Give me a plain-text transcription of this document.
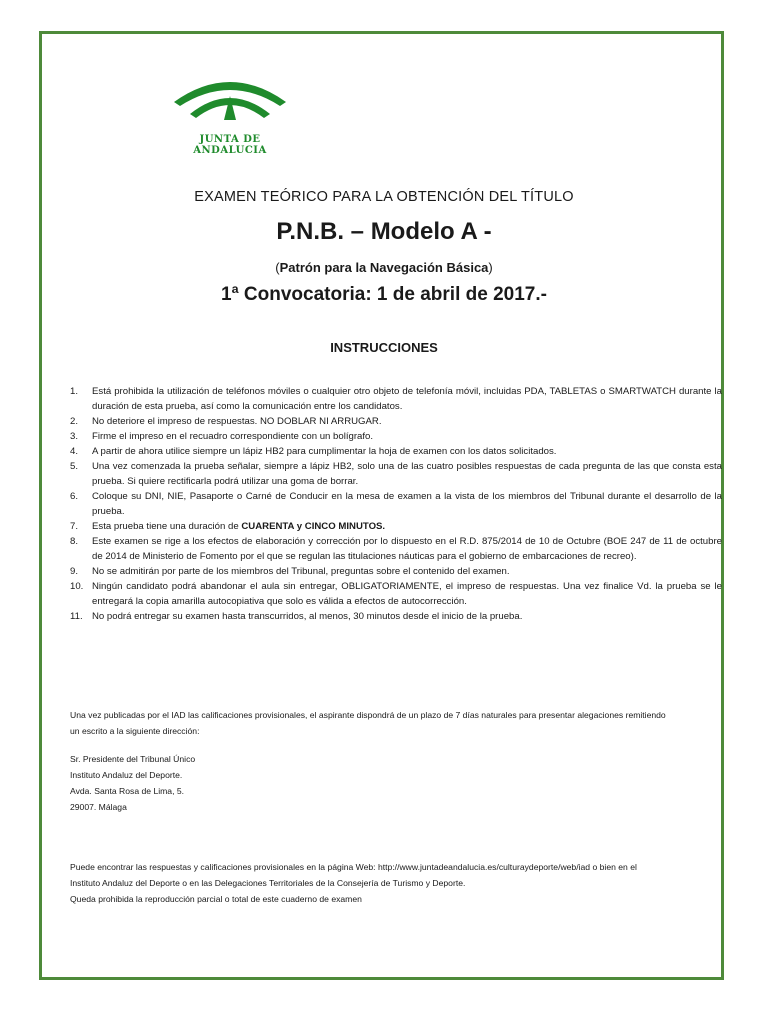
JUNTA DE ANDALUCIA
EXAMEN TEÓRICO PARA LA OBTENCIÓN DEL TÍTULO
P.N.B. – Modelo A -
(Patrón para la Navegación Básica)
1ª Convocatoria: 1 de abril de 2017.-
INSTRUCCIONES
1. Está prohibida la utilización de teléfonos móviles o cualquier otro objeto de telefonía móvil, incluidas PDA, TABLETAS o SMARTWATCH durante la duración de esta prueba, así como la comunicación entre los candidatos.
2. No deteriore el impreso de respuestas. NO DOBLAR NI ARRUGAR.
3. Firme el impreso en el recuadro correspondiente con un bolígrafo.
4. A partir de ahora utilice siempre un lápiz HB2 para cumplimentar la hoja de examen con los datos solicitados.
5. Una vez comenzada la prueba señalar, siempre a lápiz HB2, solo una de las cuatro posibles respuestas de cada pregunta de las que consta esta prueba. Si quiere rectificarla podrá utilizar una goma de borrar.
6. Coloque su DNI, NIE, Pasaporte o Carné de Conducir en la mesa de examen a la vista de los miembros del Tribunal durante el desarrollo de la prueba.
7. Esta prueba tiene una duración de CUARENTA y CINCO MINUTOS.
8. Este examen se rige a los efectos de elaboración y corrección por lo dispuesto en el R.D. 875/2014 de 10 de Octubre (BOE 247 de 11 de octubre de 2014 de Ministerio de Fomento por el que se regulan las titulaciones náuticas para el gobierno de embarcaciones de recreo).
9. No se admitirán por parte de los miembros del Tribunal, preguntas sobre el contenido del examen.
10. Ningún candidato podrá abandonar el aula sin entregar, OBLIGATORIAMENTE, el impreso de respuestas. Una vez finalice Vd. la prueba se le entregará la copia amarilla autocopiativa que solo es válida a efectos de autocorrección.
11. No podrá entregar su examen hasta transcurridos, al menos, 30 minutos desde el inicio de la prueba.
Una vez publicadas por el IAD las calificaciones provisionales, el aspirante dispondrá de un plazo de 7 días naturales para presentar alegaciones remitiendo
un escrito a la siguiente dirección:
Sr. Presidente del Tribunal Único
Instituto Andaluz del Deporte.
Avda. Santa Rosa de Lima, 5.
29007. Málaga
Puede encontrar las respuestas y calificaciones provisionales en la página Web: http://www.juntadeandalucia.es/culturaydeporte/web/iad o bien en el
Instituto Andaluz del Deporte o en las Delegaciones Territoriales de la Consejería de Turismo y Deporte.
Queda prohibida la reproducción parcial o total de este cuaderno de examen
